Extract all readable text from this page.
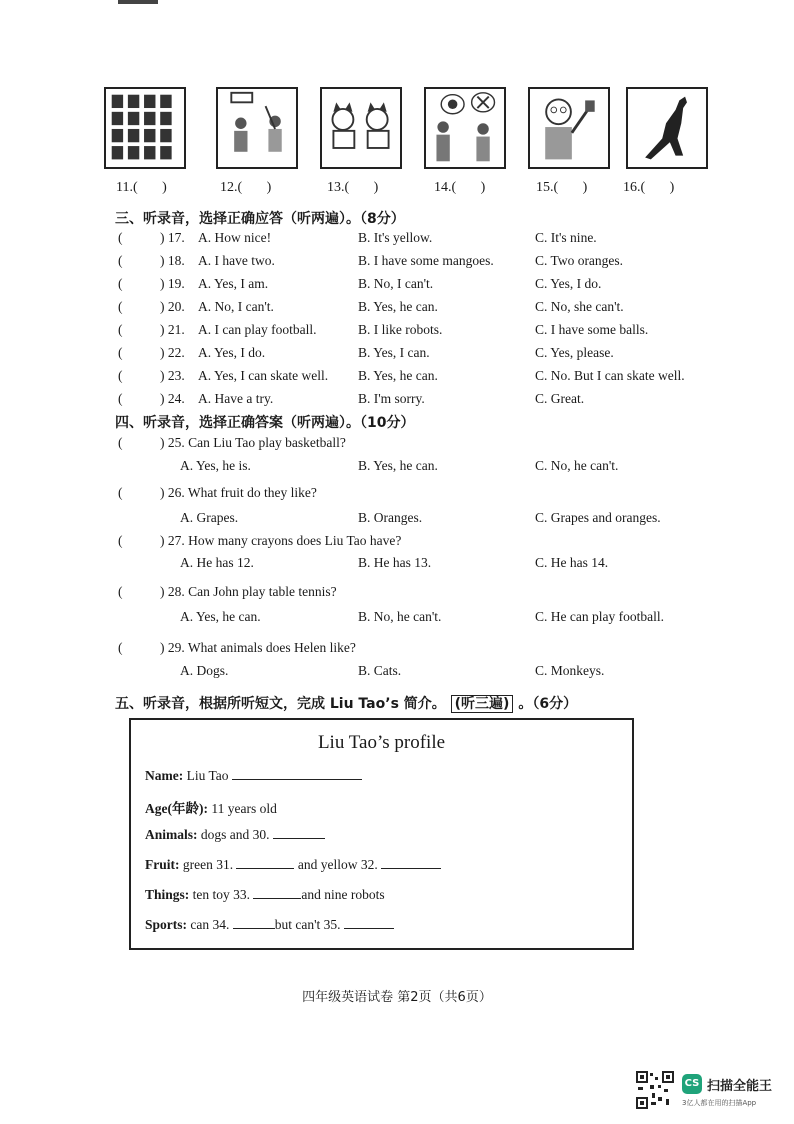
11.(       )	12.(       )	13.(       )	14.(       )	15.(       )	16.(       )
三、听录音，选择正确应答（听两遍）。（8分）
(	) 17. A. How nice!	B. It's yellow.	C. It's nine.
(	) 18. A. I have two.	B. I have some mangoes.	C. Two oranges.
(	) 19. A. Yes, I am.	B. No, I can't.	C. Yes, I do.
(	) 20. A. No, I can't.	B. Yes, he can.	C. No, she can't.
(	) 21. A. I can play football.	B. I like robots.	C. I have some balls.
(	) 22. A. Yes, I do.	B. Yes, I can.	C. Yes, please.
(	) 23. A. Yes, I can skate well. B. Yes, he can.	C. No. But I can skate well.
(	) 24. A. Have a try.	B. I'm sorry.	C. Great.
四、听录音，选择正确答案（听两遍）。（10分）
(	) 25. Can Liu Tao play basketball?
A. Yes, he is.	B. Yes, he can.	C. No, he can't.
(	) 26. What fruit do they like?
A. Grapes.	B. Oranges.	C. Grapes and oranges.
(	) 27. How many crayons does Liu Tao have?
A. He has 12.	B. He has 13.	C. He has 14.
(	) 28. Can John play table tennis?
A. Yes, he can.	B. No, he can't.	C. He can play football.
(	) 29. What animals does Helen like?
A. Dogs.	B. Cats.	C. Monkeys.
五、听录音，根据所听短文，完成 Liu Tao’s 简介。 (听三遍) 。（6分）
Liu Tao’s profile
Name: Liu Tao
Age(年龄): 11 years old
Animals: dogs and 30.
Fruit: green 31.	and yellow 32.
Things: ten toy 33.	and nine robots
Sports: can 34.	but can't 35.
四年级英语试卷 第2页（共6页）
CS 扫描全能王
3亿人都在用的扫描App
